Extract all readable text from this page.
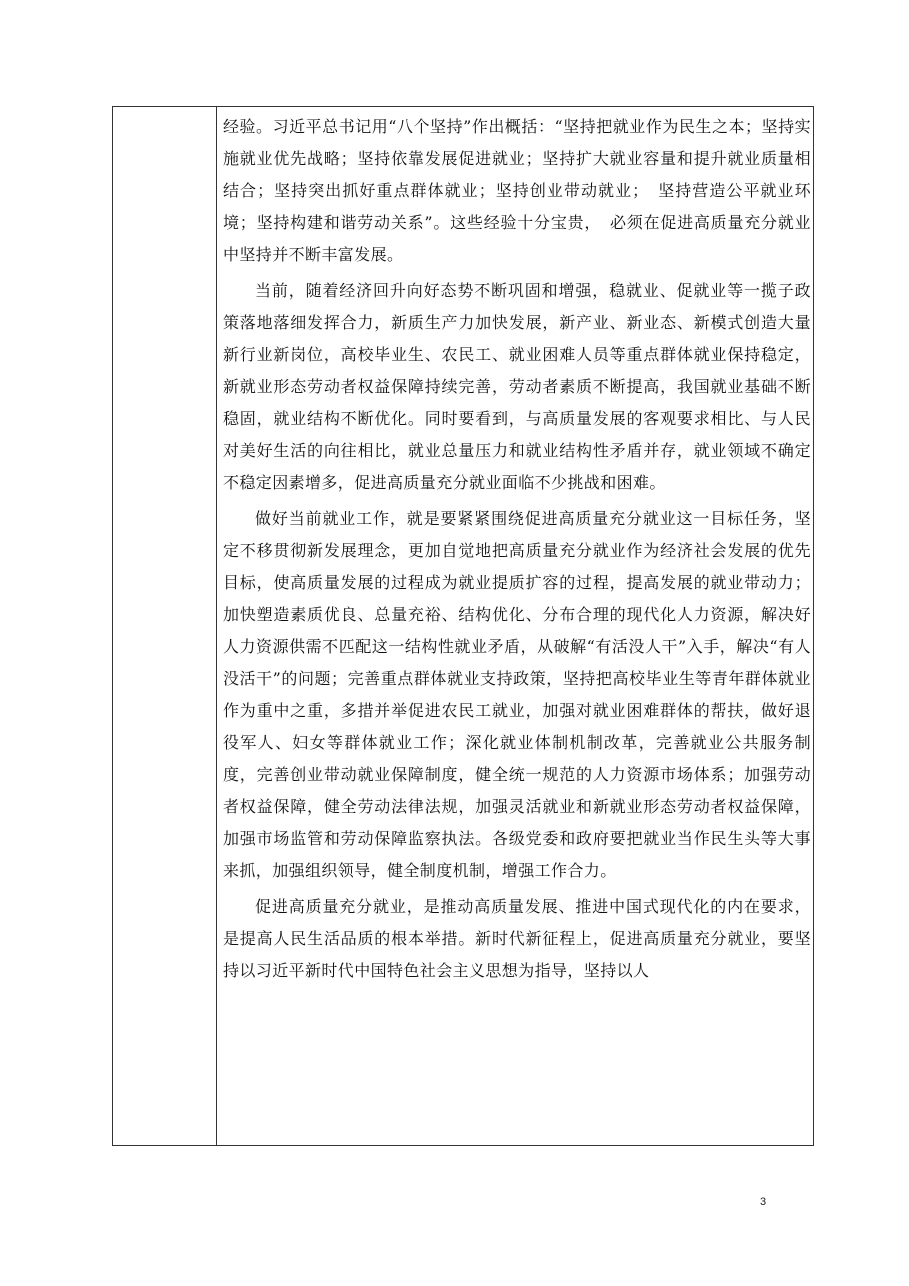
经验。习近平总书记用“八个坚持”作出概括：“坚持把就业作为民生之本；坚持实施就业优先战略；坚持依靠发展促进就业；坚持扩大就业容量和提升就业质量相结合；坚持突出抓好重点群体就业；坚持创业带动就业；　坚持营造公平就业环境；坚持构建和谐劳动关系”。这些经验十分宝贵，　必须在促进高质量充分就业中坚持并不断丰富发展。

当前，随着经济回升向好态势不断巩固和增强，稳就业、促就业等一揽子政策落地落细发挥合力，新质生产力加快发展，新产业、新业态、新模式创造大量新行业新岗位，高校毕业生、农民工、就业困难人员等重点群体就业保持稳定，新就业形态劳动者权益保障持续完善，劳动者素质不断提高，我国就业基础不断稳固，就业结构不断优化。同时要看到，与高质量发展的客观要求相比、与人民对美好生活的向往相比，就业总量压力和就业结构性矛盾并存，就业领域不确定不稳定因素增多，促进高质量充分就业面临不少挑战和困难。

做好当前就业工作，就是要紧紧围绕促进高质量充分就业这一目标任务，坚定不移贯彻新发展理念，更加自觉地把高质量充分就业作为经济社会发展的优先目标，使高质量发展的过程成为就业提质扩容的过程，提高发展的就业带动力；加快塑造素质优良、总量充裕、结构优化、分布合理的现代化人力资源，解决好人力资源供需不匹配这一结构性就业矛盾，从破解“有活没人干”入手，解决“有人没活干”的问题；完善重点群体就业支持政策，坚持把高校毕业生等青年群体就业作为重中之重，多措并举促进农民工就业，加强对就业困难群体的帮扶，做好退役军人、妇女等群体就业工作；深化就业体制机制改革，完善就业公共服务制度，完善创业带动就业保障制度，健全统一规范的人力资源市场体系；加强劳动者权益保障，健全劳动法律法规，加强灵活就业和新就业形态劳动者权益保障，加强市场监管和劳动保障监察执法。各级党委和政府要把就业当作民生头等大事来抓，加强组织领导，健全制度机制，增强工作合力。

促进高质量充分就业，是推动高质量发展、推进中国式现代化的内在要求，是提高人民生活品质的根本举措。新时代新征程上，促进高质量充分就业，要坚持以习近平新时代中国特色社会主义思想为指导，坚持以人

3
